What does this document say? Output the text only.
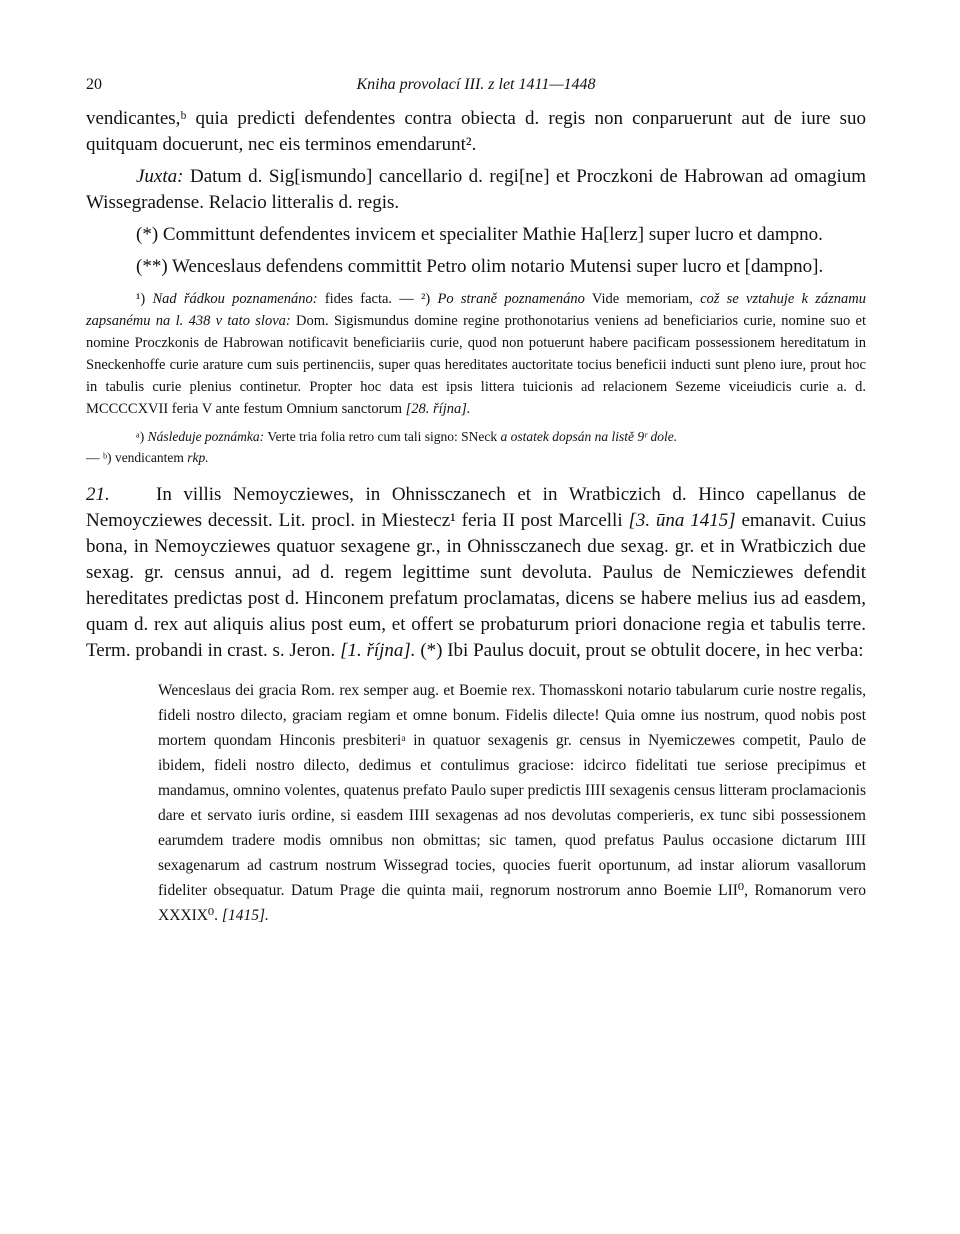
20	Kniha provolací III. z let 1411—1448

vendicantes,ᵇ quia predicti defendentes contra obiecta d. regis non conparuerunt aut de iure suo quitquam docuerunt, nec eis terminos emendarunt².

Juxta: Datum d. Sig[ismundo] cancellario d. regi[ne] et Proczkoni de Habrowan ad omagium Wissegradense. Relacio litteralis d. regis.

(*) Committunt defendentes invicem et specialiter Mathie Ha[lerz] super lucro et dampno.

(**) Wenceslaus defendens committit Petro olim notario Mutensi super lucro et [dampno].

¹) Nad řádkou poznamenáno: fides facta. — ²) Po straně poznamenáno Vide memoriam, což se vztahuje k záznamu zapsanému na l. 438 v tato slova: Dom. Sigismundus domine regine prothonotarius veniens ad beneficiarios curie, nomine suo et nomine Proczkonis de Habrowan notificavit beneficiariis curie, quod non potuerunt habere pacificam possessionem hereditatum in Sneckenhoffe curie arature cum suis pertinenciis, super quas hereditates auctoritate tocius beneficii inducti sunt pleno iure, prout hoc in tabulis curie plenius continetur. Propter hoc data est ipsis littera tuicionis ad relacionem Sezeme viceiudicis curie a. d. MCCCCXVII feria V ante festum Omnium sanctorum [28. října].
ᵃ) Následuje poznámka: Verte tria folia retro cum tali signo: SNeck a ostatek dopsán na listě 9ʳ dole.
— ᵇ) vendicantem rkp.

21. In villis Nemoycziewes, in Ohnissczanech et in Wratbiczich d. Hinco capellanus de Nemoycziewes decessit. Lit. procl. in Miestecz¹ feria II post Marcelli [3. ūna 1415] emanavit. Cuius bona, in Nemoycziewes quatuor sexagene gr., in Ohnissczanech due sexag. gr. et in Wratbiczich due sexag. gr. census annui, ad d. regem legittime sunt devoluta. Paulus de Nemicziewes defendit hereditates predictas post d. Hinconem prefatum proclamatas, dicens se habere melius ius ad easdem, quam d. rex aut aliquis alius post eum, et offert se probaturum priori donacione regia et tabulis terre. Term. probandi in crast. s. Jeron. [1. října]. (*) Ibi Paulus docuit, prout se obtulit docere, in hec verba:

Wenceslaus dei gracia Rom. rex semper aug. et Boemie rex. Thomasskoni notario tabularum curie nostre regalis, fideli nostro dilecto, graciam regiam et omne bonum. Fidelis dilecte! Quia omne ius nostrum, quod nobis post mortem quondam Hinconis presbiteriᵃ in quatuor sexagenis gr. census in Nyemiczewes competit, Paulo de ibidem, fideli nostro dilecto, dedimus et contulimus graciose: idcirco fidelitati tue seriose precipimus et mandamus, omnino volentes, quatenus prefato Paulo super predictis IIII sexagenis census litteram proclamacionis dare et servato iuris ordine, si easdem IIII sexagenas ad nos devolutas comperieris, ex tunc sibi possessionem earumdem tradere modis omnibus non obmittas; sic tamen, quod prefatus Paulus occasione dictarum IIII sexagenarum ad castrum nostrum Wissegrad tocies, quocies fuerit oportunum, ad instar aliorum vasallorum fideliter obsequatur. Datum Prage die quinta maii, regnorum nostrorum anno Boemie LII⁰, Romanorum vero XXXIX⁰. [1415].
